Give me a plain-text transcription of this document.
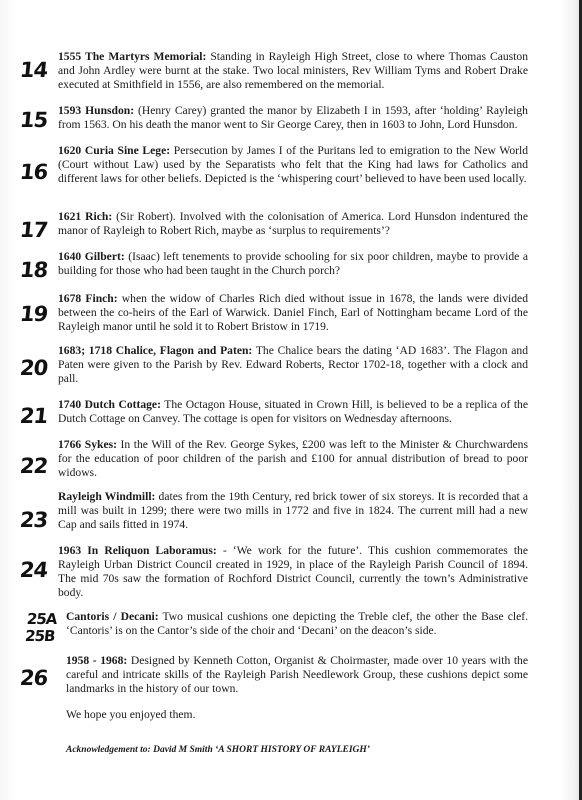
14
1555 The Martyrs Memorial: Standing in Rayleigh High Street, close to where Thomas Causton and John Ardley were burnt at the stake. Two local ministers, Rev William Tyms and Robert Drake executed at Smithfield in 1556, are also remembered on the memorial.
15 1593 Hunsdon: (Henry Carey) granted the manor by Elizabeth I in 1593, after ‘holding’ Rayleigh from 1563. On his death the manor went to Sir George Carey, then in 1603 to John, Lord Hunsdon.
16
1620 Curia Sine Lege: Persecution by James I of the Puritans led to emigration to the New World (Court without Law) used by the Separatists who felt that the King had laws for Catholics and different laws for other beliefs. Depicted is the ‘whispering court’ believed to have been used locally.
17
1621 Rich: (Sir Robert). Involved with the colonisation of America. Lord Hunsdon indentured the manor of Rayleigh to Robert Rich, maybe as ‘surplus to requirements’?
18
1640 Gilbert: (Isaac) left tenements to provide schooling for six poor children, maybe to provide a building for those who had been taught in the Church porch?
19
1678 Finch: when the widow of Charles Rich died without issue in 1678, the lands were divided between the co-heirs of the Earl of Warwick. Daniel Finch, Earl of Nottingham became Lord of the Rayleigh manor until he sold it to Robert Bristow in 1719.
20
1683; 1718 Chalice, Flagon and Paten: The Chalice bears the dating ‘AD 1683’. The Flagon and Paten were given to the Parish by Rev. Edward Roberts, Rector 1702-18, together with a clock and pall.
21 1740 Dutch Cottage: The Octagon House, situated in Crown Hill, is believed to be a replica of the Dutch Cottage on Canvey. The cottage is open for visitors on Wednesday afternoons.
22
1766 Sykes: In the Will of the Rev. George Sykes, £200 was left to the Minister & Churchwardens for the education of poor children of the parish and £100 for annual distribution of bread to poor widows.
23
Rayleigh Windmill: dates from the 19th Century, red brick tower of six storeys. It is recorded that a mill was built in 1299; there were two mills in 1772 and five in 1824. The current mill had a new Cap and sails fitted in 1974.
24
1963 In Reliquon Laboramus: - ‘We work for the future’. This cushion commemorates the Rayleigh Urban District Council created in 1929, in place of the Rayleigh Parish Council of 1894. The mid 70s saw the formation of Rochford District Council, currently the town’s Administrative body.
25A
25B
Cantoris / Decani: Two musical cushions one depicting the Treble clef, the other the Base clef. ‘Cantoris’ is on the Cantor’s side of the choir and ‘Decani’ on the deacon’s side.
26
1958 - 1968: Designed by Kenneth Cotton, Organist & Choirmaster, made over 10 years with the careful and intricate skills of the Rayleigh Parish Needlework Group, these cushions depict some landmarks in the history of our town.
We hope you enjoyed them.
Acknowledgement to: David M Smith ‘A SHORT HISTORY OF RAYLEIGH’
